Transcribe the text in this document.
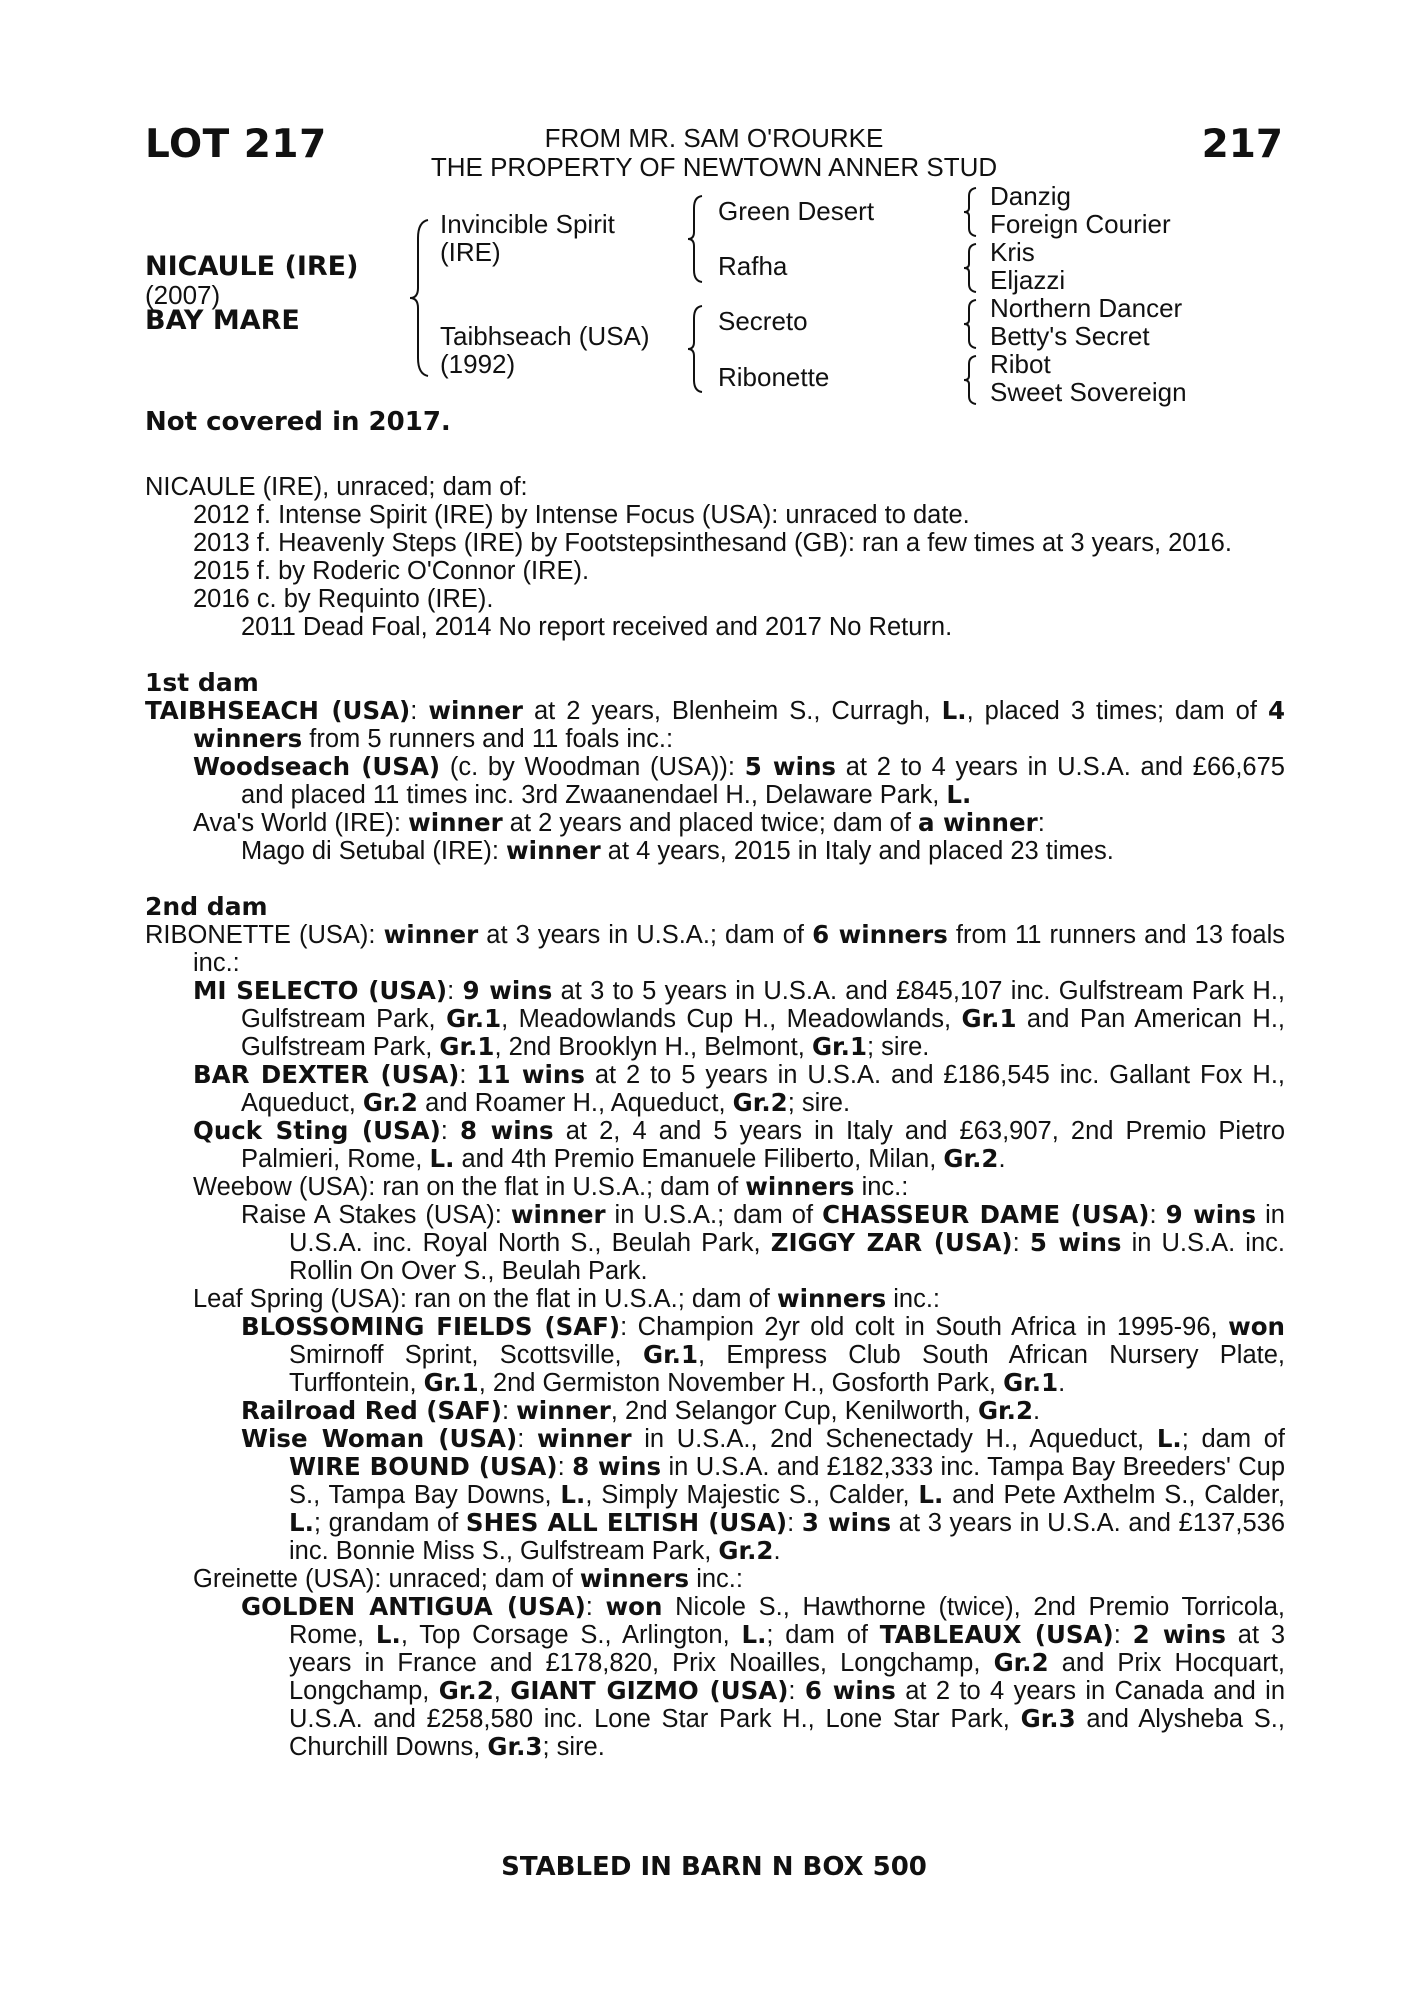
LOT 217	217
FROM MR. SAM O'ROURKE
THE PROPERTY OF NEWTOWN ANNER STUD
NICAULE (IRE)
(2007)
BAY MARE
Not covered in 2017.
Invincible Spirit
(IRE)
Taibhseach (USA)
(1992)
Green Desert
Rafha
Secreto
Ribonette
Danzig
Foreign Courier
Kris
Eljazzi
Northern Dancer
Betty's Secret
Ribot
Sweet Sovereign

NICAULE (IRE), unraced; dam of:

2012 f. Intense Spirit (IRE) by Intense Focus (USA): unraced to date.

2013 f. Heavenly Steps (IRE) by Footstepsinthesand (GB): ran a few times at 3 years, 2016.

2015 f. by Roderic O'Connor (IRE).

2016 c. by Requinto (IRE).

2011 Dead Foal, 2014 No report received and 2017 No Return.

1st dam

TAIBHSEACH (USA): winner at 2 years, Blenheim S., Curragh, L., placed 3 times; dam of 4 winners from 5 runners and 11 foals inc.:

Woodseach (USA) (c. by Woodman (USA)): 5 wins at 2 to 4 years in U.S.A. and £66,675 and placed 11 times inc. 3rd Zwaanendael H., Delaware Park, L.

Ava's World (IRE): winner at 2 years and placed twice; dam of a winner:

Mago di Setubal (IRE): winner at 4 years, 2015 in Italy and placed 23 times.

2nd dam

RIBONETTE (USA): winner at 3 years in U.S.A.; dam of 6 winners from 11 runners and 13 foals inc.:

MI SELECTO (USA): 9 wins at 3 to 5 years in U.S.A. and £845,107 inc. Gulfstream Park H., Gulfstream Park, Gr.1, Meadowlands Cup H., Meadowlands, Gr.1 and Pan American H., Gulfstream Park, Gr.1, 2nd Brooklyn H., Belmont, Gr.1; sire.

BAR DEXTER (USA): 11 wins at 2 to 5 years in U.S.A. and £186,545 inc. Gallant Fox H., Aqueduct, Gr.2 and Roamer H., Aqueduct, Gr.2; sire.

Quck Sting (USA): 8 wins at 2, 4 and 5 years in Italy and £63,907, 2nd Premio Pietro Palmieri, Rome, L. and 4th Premio Emanuele Filiberto, Milan, Gr.2.

Weebow (USA): ran on the flat in U.S.A.; dam of winners inc.:

Raise A Stakes (USA): winner in U.S.A.; dam of CHASSEUR DAME (USA): 9 wins in U.S.A. inc. Royal North S., Beulah Park, ZIGGY ZAR (USA): 5 wins in U.S.A. inc. Rollin On Over S., Beulah Park.

Leaf Spring (USA): ran on the flat in U.S.A.; dam of winners inc.:

BLOSSOMING FIELDS (SAF): Champion 2yr old colt in South Africa in 1995-96, won Smirnoff Sprint, Scottsville, Gr.1, Empress Club South African Nursery Plate, Turffontein, Gr.1, 2nd Germiston November H., Gosforth Park, Gr.1.

Railroad Red (SAF): winner, 2nd Selangor Cup, Kenilworth, Gr.2.

Wise Woman (USA): winner in U.S.A., 2nd Schenectady H., Aqueduct, L.; dam of WIRE BOUND (USA): 8 wins in U.S.A. and £182,333 inc. Tampa Bay Breeders' Cup S., Tampa Bay Downs, L., Simply Majestic S., Calder, L. and Pete Axthelm S., Calder, L.; grandam of SHES ALL ELTISH (USA): 3 wins at 3 years in U.S.A. and £137,536 inc. Bonnie Miss S., Gulfstream Park, Gr.2.

Greinette (USA): unraced; dam of winners inc.:

GOLDEN ANTIGUA (USA): won Nicole S., Hawthorne (twice), 2nd Premio Torricola, Rome, L., Top Corsage S., Arlington, L.; dam of TABLEAUX (USA): 2 wins at 3 years in France and £178,820, Prix Noailles, Longchamp, Gr.2 and Prix Hocquart, Longchamp, Gr.2, GIANT GIZMO (USA): 6 wins at 2 to 4 years in Canada and in U.S.A. and £258,580 inc. Lone Star Park H., Lone Star Park, Gr.3 and Alysheba S., Churchill Downs, Gr.3; sire.

STABLED IN BARN N BOX 500
